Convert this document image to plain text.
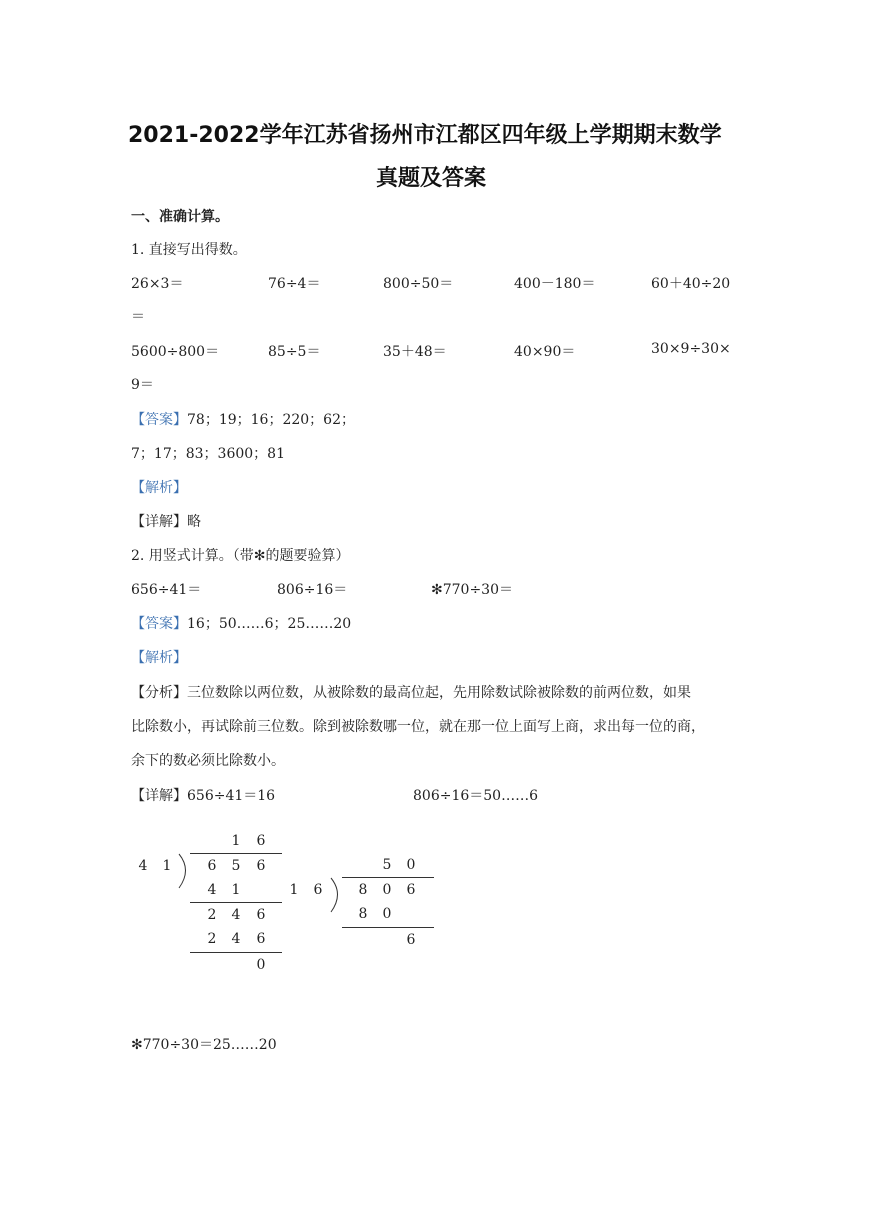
2021-2022学年江苏省扬州市江都区四年级上学期期末数学
真题及答案
一、准确计算。
1. 直接写出得数。
26×3＝	76÷4＝	800÷50＝	400－180＝	60＋40÷20
＝
5600÷800＝	85÷5＝	35＋48＝	40×90＝	30×9÷30×
9＝
【答案】78；19；16；220；62；
7；17；83；3600；81
【解析】
【详解】略
2. 用竖式计算。（带✻的题要验算）
656÷41＝	806÷16＝	✻770÷30＝
【答案】16；50……6；25……20
【解析】
【分析】三位数除以两位数，从被除数的最高位起，先用除数试除被除数的前两位数，如果
比除数小，再试除前三位数。除到被除数哪一位，就在那一位上面写上商，求出每一位的商，
余下的数必须比除数小。
【详解】656÷41＝16	806÷16＝50……6
1 6
4 1	6 5 6
4 1
2 4 6
2 4 6
0
5 0
1 6	8 0 6
8 0
6
✻770÷30＝25……20
